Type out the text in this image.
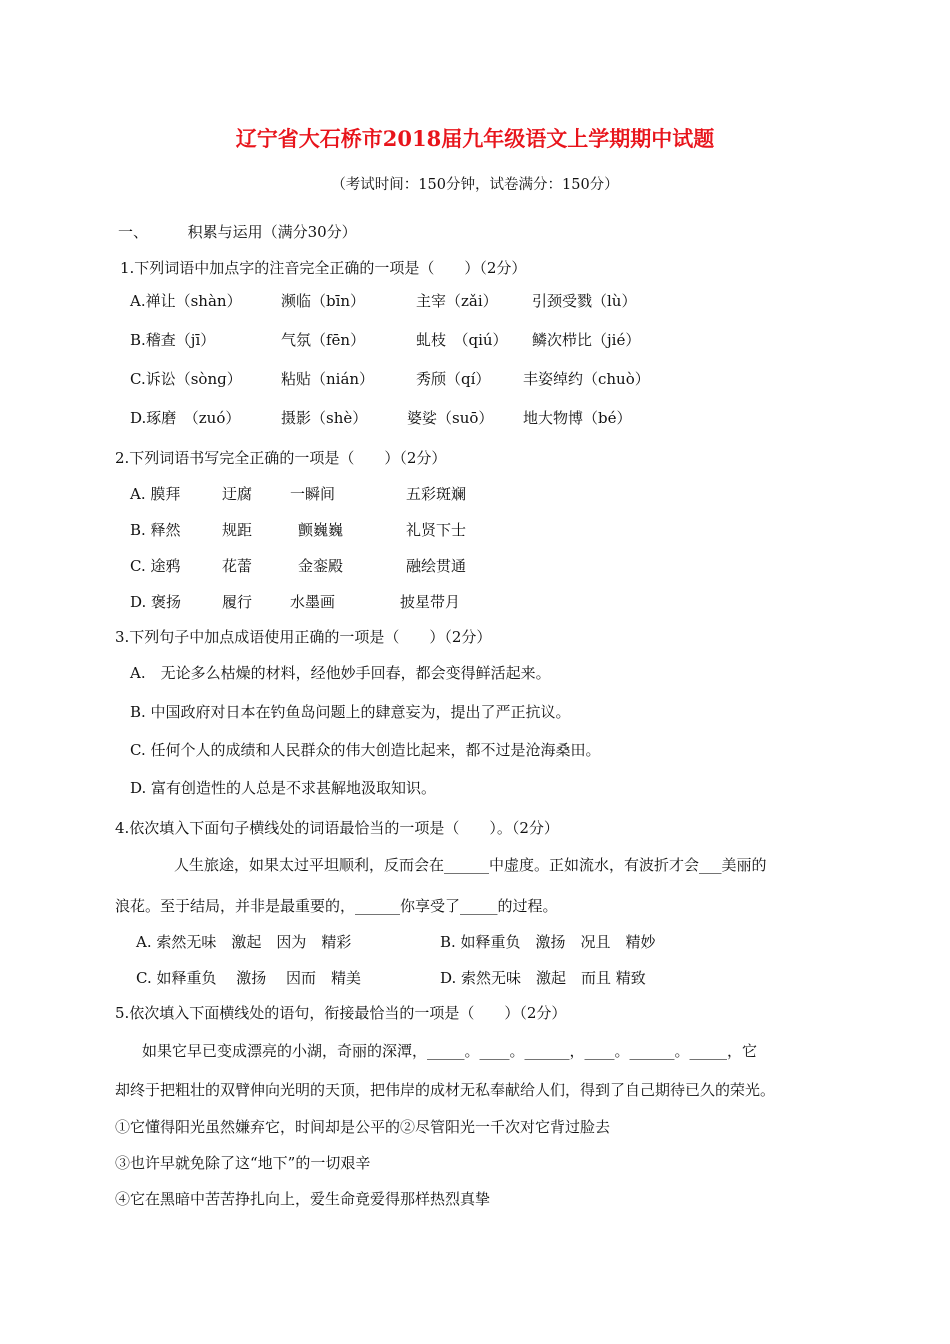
辽宁省大石桥市2018届九年级语文上学期期中试题
（考试时间：150分钟，试卷满分：150分）
一、	积累与运用（满分30分）
1.下列词语中加点字的注音完全正确的一项是（　　）（2分）
A.禅让（shàn）	濒临（bīn）	主宰（zǎi） 引颈受戮（lù）
B.稽查（jī）	气氛（fēn）	虬枝　（qiú） 鳞次栉比（jié）
C.诉讼（sònɡ）	粘贴（nián）	秀颀（qí） 丰姿绰约（chuò）
D.琢磨　（zuó）	摄影（shè）	婆娑（suō） 地大物博（bé）
2.下列词语书写完全正确的一项是（　　）（2分）
A. 膜拜	迂腐	一瞬间	五彩斑斓
B. 释然	规距	颤巍巍	礼贤下士
C. 途鸦	花蕾	金銮殿	融绘贯通
D. 褒扬	履行	水墨画	披星带月
3.下列句子中加点成语使用正确的一项是（　　）（2分）
A.　无论多么枯燥的材料，经他妙手回春，都会变得鲜活起来。
B. 中国政府对日本在钓鱼岛问题上的肆意妄为，提出了严正抗议。
C. 任何个人的成绩和人民群众的伟大创造比起来，都不过是沧海桑田。
D. 富有创造性的人总是不求甚解地汲取知识。
4.依次填入下面句子横线处的词语最恰当的一项是（　　）。（2分）
人生旅途，如果太过平坦顺利，反而会在______中虚度。正如流水，有波折才会___美丽的
浪花。至于结局，并非是最重要的，______你享受了_____的过程。
A. 索然无味　激起　因为　精彩	B. 如释重负　激扬　况且　精妙
C. 如释重负　 激扬　 因而　精美	D. 索然无味　激起　而且 精致
5.依次填入下面横线处的语句，衔接最恰当的一项是（　　）（2分）
如果它早已变成漂亮的小湖，奇丽的深潭，_____。____。______，____。______。_____，它
却终于把粗壮的双臂伸向光明的天顶，把伟岸的成材无私奉献给人们，得到了自己期待已久的荣光。
①它懂得阳光虽然嫌弃它，时间却是公平的②尽管阳光一千次对它背过脸去
③也许早就免除了这“地下”的一切艰辛
④它在黑暗中苦苦挣扎向上，爱生命竟爱得那样热烈真挚
